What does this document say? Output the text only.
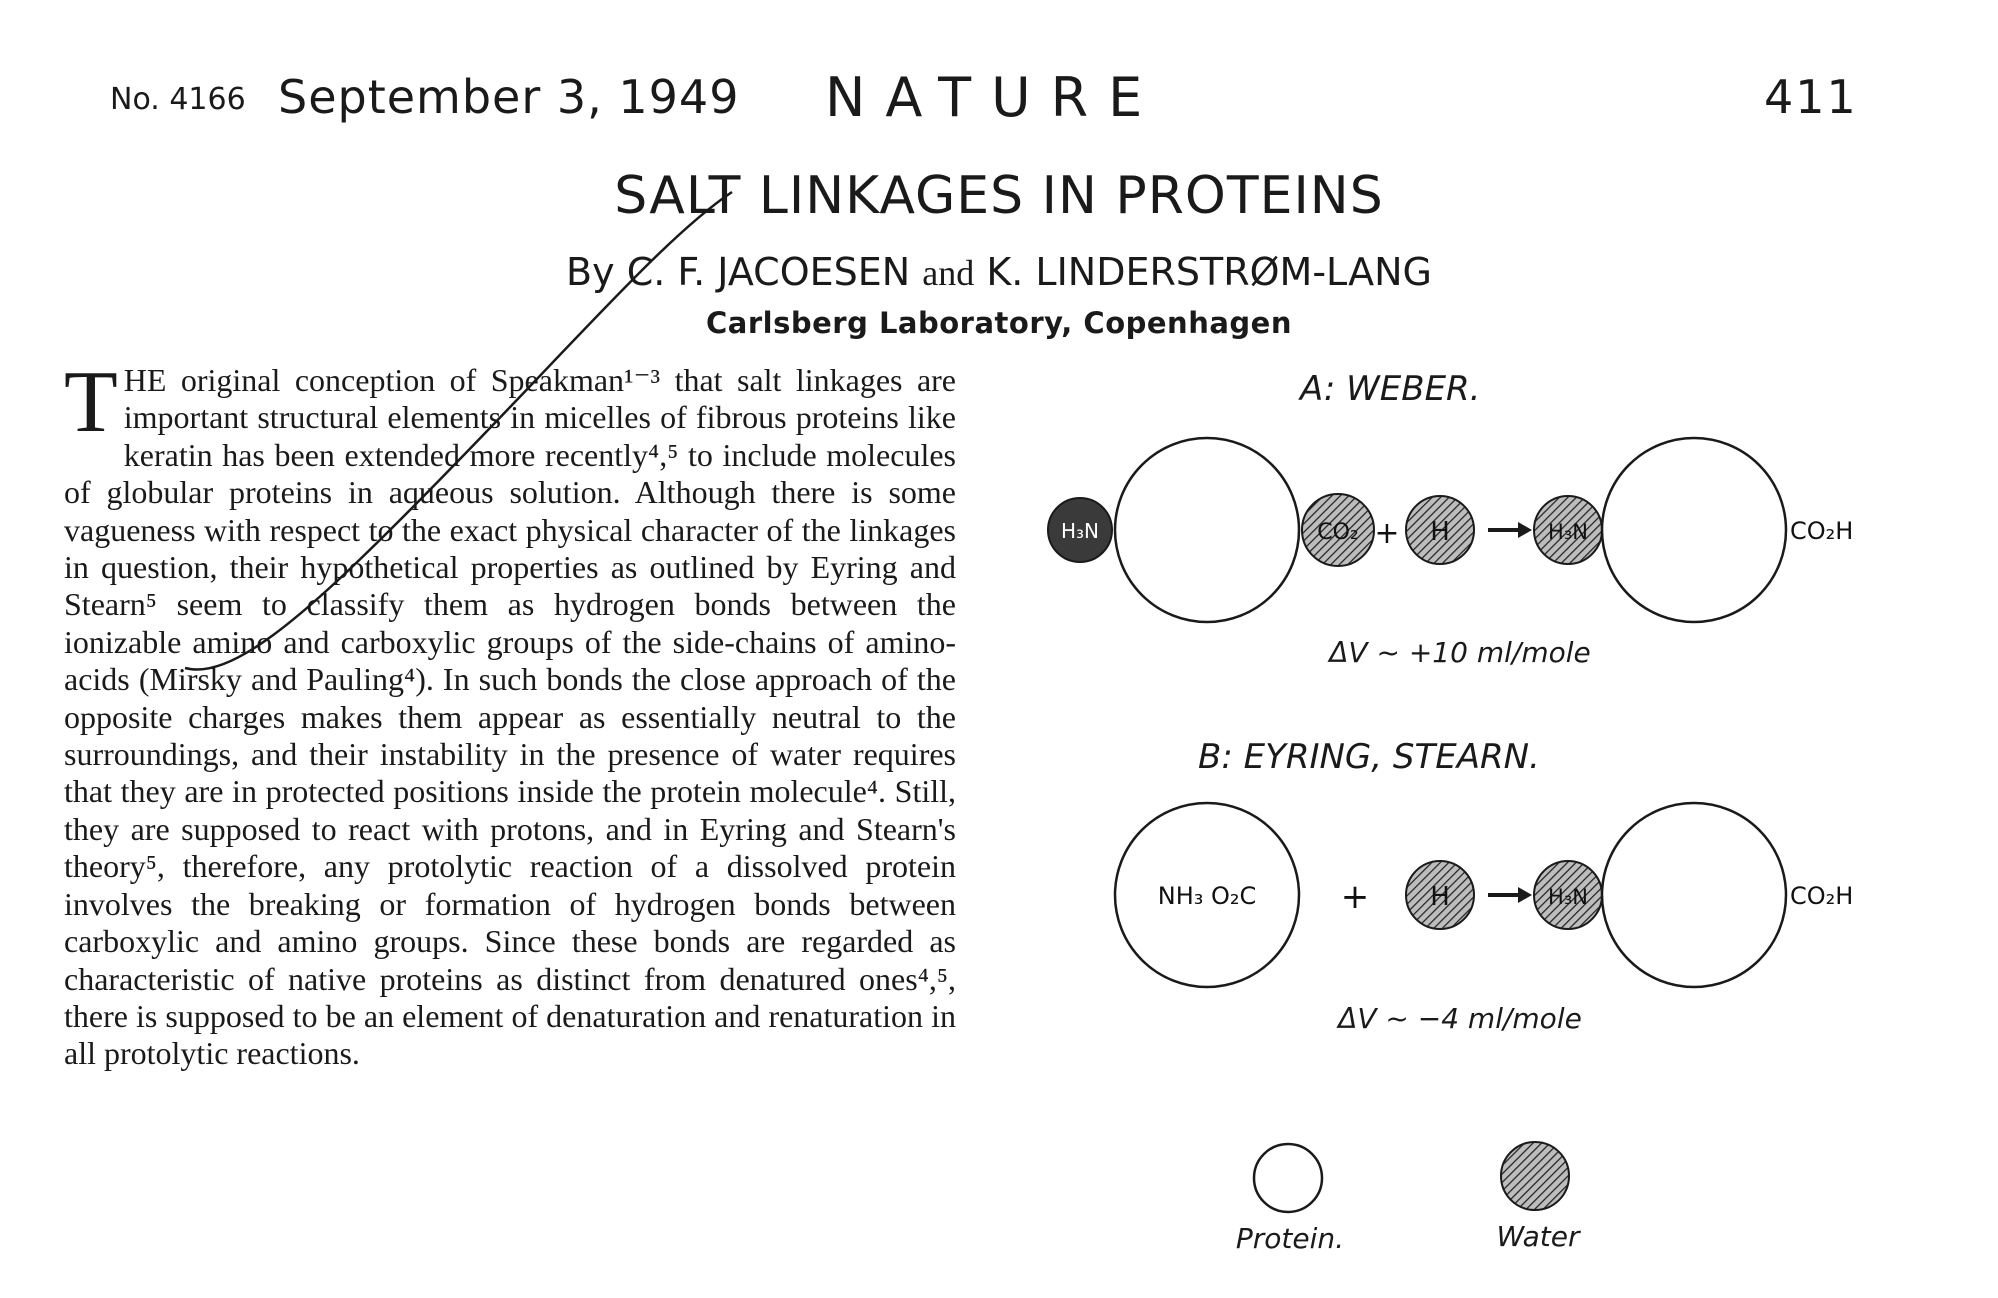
No. 4166 September 3, 1949 NATURE	411
SALT LINKAGES IN PROTEINS
By C. F. JACOESEN and K. LINDERSTRØM-LANG
Carlsberg Laboratory, Copenhagen

THE original conception of Speakman¹⁻³ that salt linkages are important structural elements in micelles of fibrous proteins like keratin has been extended more recently⁴,⁵ to include molecules of globular proteins in aqueous solution. Although there is some vagueness with respect to the exact physical character of the linkages in question, their hypothetical properties as outlined by Eyring and Stearn⁵ seem to classify them as hydrogen bonds between the ionizable amino and carboxylic groups of the side-chains of amino-acids (Mirsky and Pauling⁴). In such bonds the close approach of the opposite charges makes them appear as essentially neutral to the surroundings, and their instability in the presence of water requires that they are in protected positions inside the protein molecule⁴. Still, they are supposed to react with protons, and in Eyring and Stearn's theory⁵, therefore, any protolytic reaction of a dissolved protein involves the breaking or formation of hydrogen bonds between carboxylic and amino groups. Since these bonds are regarded as characteristic of native proteins as distinct from denatured ones⁴,⁵, there is supposed to be an element of denaturation and renaturation in all protolytic reactions.

A: WEBER.
H₃N	CO₂ + H	H₃N	CO₂H
ΔV ~ +10 ml/mole
B: EYRING, STEARN.
NH₃ O₂C + H	H₃N	CO₂H
ΔV ~ −4 ml/mole
Protein.	Water
